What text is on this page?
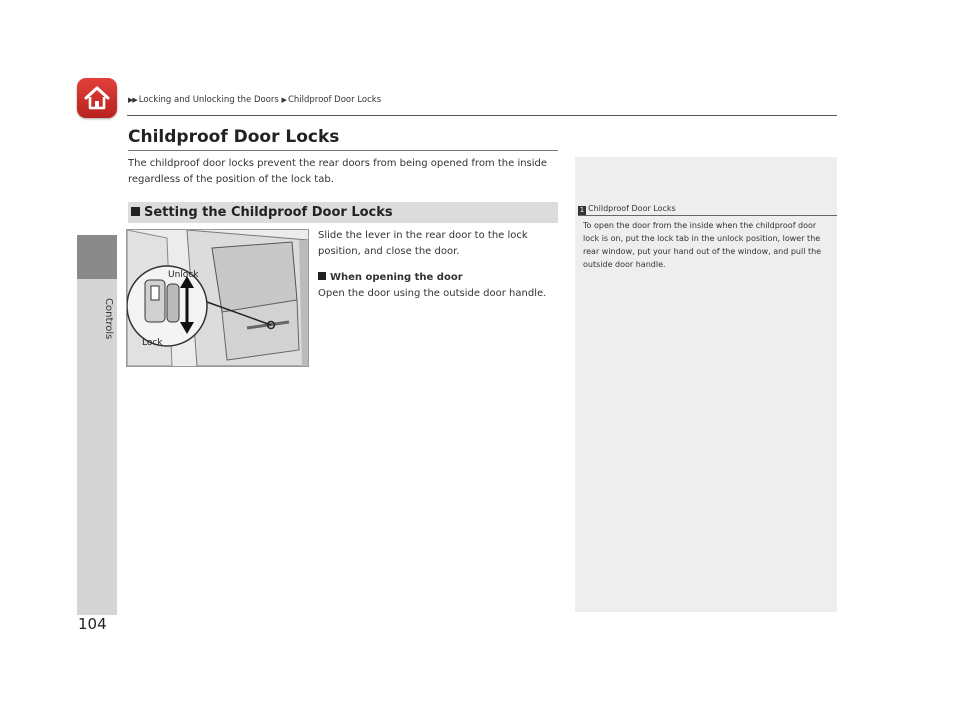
Controls
▶▶ Locking and Unlocking the Doors ▶ Childproof Door Locks
Childproof Door Locks
The childproof door locks prevent the rear doors from being opened from the inside regardless of the position of the lock tab.
Setting the Childproof Door Locks
Unlock
Lock
Slide the lever in the rear door to the lock position, and close the door.
When opening the door
Open the door using the outside door handle.
1 Childproof Door Locks
To open the door from the inside when the childproof door lock is on, put the lock tab in the unlock position, lower the rear window, put your hand out of the window, and pull the outside door handle.
104
